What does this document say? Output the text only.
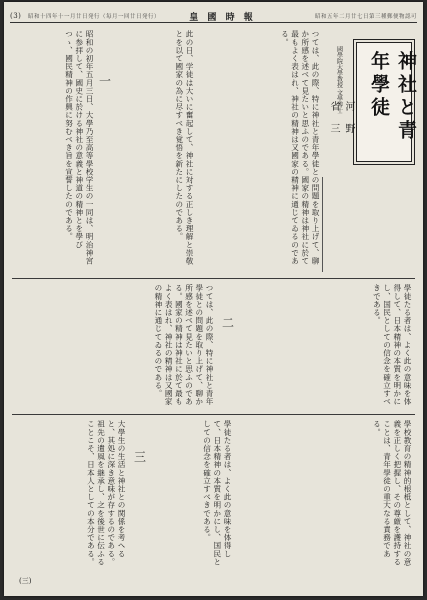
(3)	昭和十四年十一月廿日発行（毎月一回廿日発行）	皇 國 時 報	昭和五年二月廿七日第三種郵便物認可
神社と青年學徒
國學院大學教授 文學博士
河野省三
つては、此の際、特に神社と青年學徒との問題を取り上げて、聊か所感を述べて見たいと思ふのである。國家の精神は神社に於て最もよく表はれ、神社の精神は又國家の精神に通じてゐるのである。
此の日、学徒は大いに奮起して、神社に対する正しき理解と崇敬とを以て國家の為に尽すべき覚悟を新たにしたのである。
一
昭和の初年五月三日、大學乃至高等學校学生の一同は、明治神宮に参拝して、國史に於ける神社の意義と神道の精神とを學びつゝ、國民精神の作興に努むべき旨を宣誓したのである。
學徒たる者は、よく此の意味を体得して、日本精神の本質を明かにし、国民としての信念を確立すべきである。
二
つては、此の際、特に神社と青年學徒との問題を取り上げて、聊か所感を述べて見たいと思ふのである。國家の精神は神社に於て最もよく表はれ、神社の精神は又國家の精神に通じてゐるのである。
學校教育の精神的根柢として、神社の意義を正しく把握し、その尊厳を護持することは、青年學徒の重大なる責務である。
三
大學生の生活と神社との関係を考へると、其処に深き意味が存するのである。祖先の遺風を継承し、之を後世に伝ふることこそ、日本人としての本分である。	學徒たる者は、よく此の意味を体得して、日本精神の本質を明かにし、国民としての信念を確立すべきである。
(三)
